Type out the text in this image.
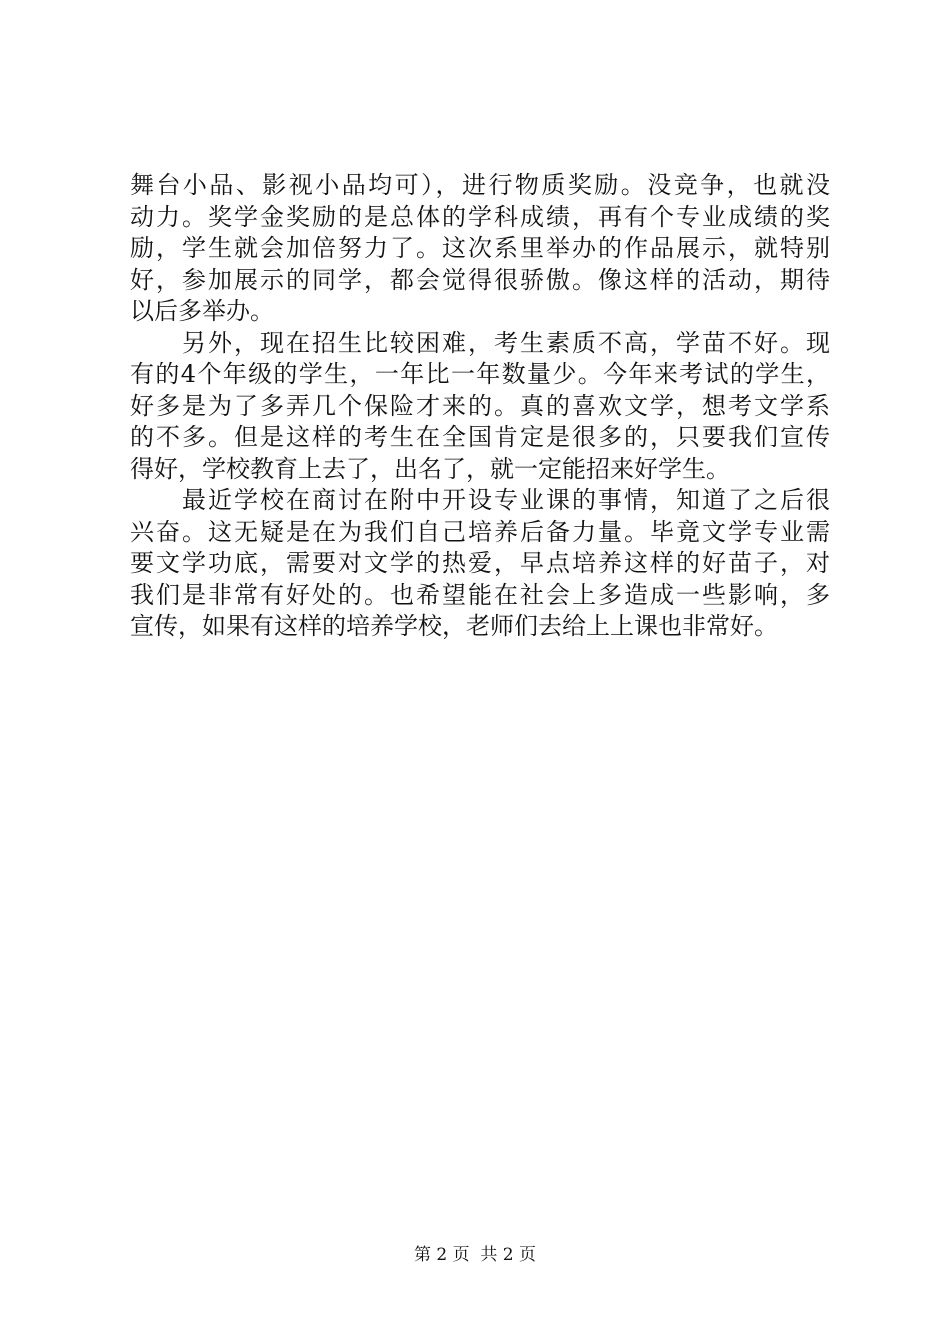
舞台小品、影视小品均可），进行物质奖励。没竞争，也就没
动力。奖学金奖励的是总体的学科成绩，再有个专业成绩的奖
励，学生就会加倍努力了。这次系里举办的作品展示，就特别
好，参加展示的同学，都会觉得很骄傲。像这样的活动，期待
以后多举办。
　　另外，现在招生比较困难，考生素质不高，学苗不好。现
有的4个年级的学生，一年比一年数量少。今年来考试的学生，
好多是为了多弄几个保险才来的。真的喜欢文学，想考文学系
的不多。但是这样的考生在全国肯定是很多的，只要我们宣传
得好，学校教育上去了，出名了，就一定能招来好学生。
　　最近学校在商讨在附中开设专业课的事情，知道了之后很
兴奋。这无疑是在为我们自己培养后备力量。毕竟文学专业需
要文学功底，需要对文学的热爱，早点培养这样的好苗子，对
我们是非常有好处的。也希望能在社会上多造成一些影响，多
宣传，如果有这样的培养学校，老师们去给上上课也非常好。
第 2 页  共 2 页
